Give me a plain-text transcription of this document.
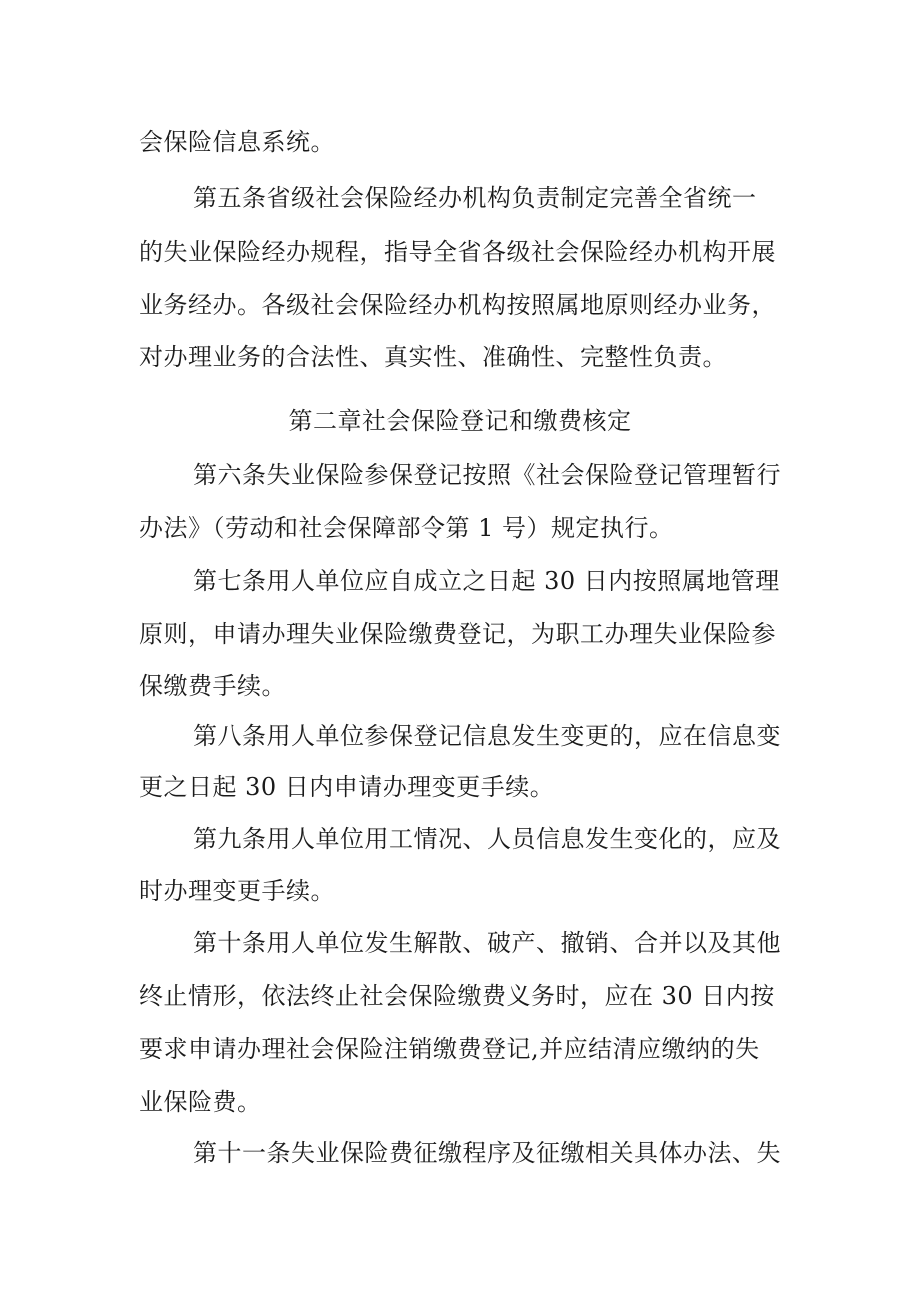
会保险信息系统。
第五条省级社会保险经办机构负责制定完善全省统一
的失业保险经办规程，指导全省各级社会保险经办机构开展
业务经办。各级社会保险经办机构按照属地原则经办业务，
对办理业务的合法性、真实性、准确性、完整性负责。
第二章社会保险登记和缴费核定
第六条失业保险参保登记按照《社会保险登记管理暂行
办法》（劳动和社会保障部令第 1 号）规定执行。
第七条用人单位应自成立之日起 30 日内按照属地管理
原则，申请办理失业保险缴费登记，为职工办理失业保险参
保缴费手续。
第八条用人单位参保登记信息发生变更的，应在信息变
更之日起 30 日内申请办理变更手续。
第九条用人单位用工情况、人员信息发生变化的，应及
时办理变更手续。
第十条用人单位发生解散、破产、撤销、合并以及其他
终止情形，依法终止社会保险缴费义务时，应在 30 日内按
要求申请办理社会保险注销缴费登记,并应结清应缴纳的失
业保险费。
第十一条失业保险费征缴程序及征缴相关具体办法、失
